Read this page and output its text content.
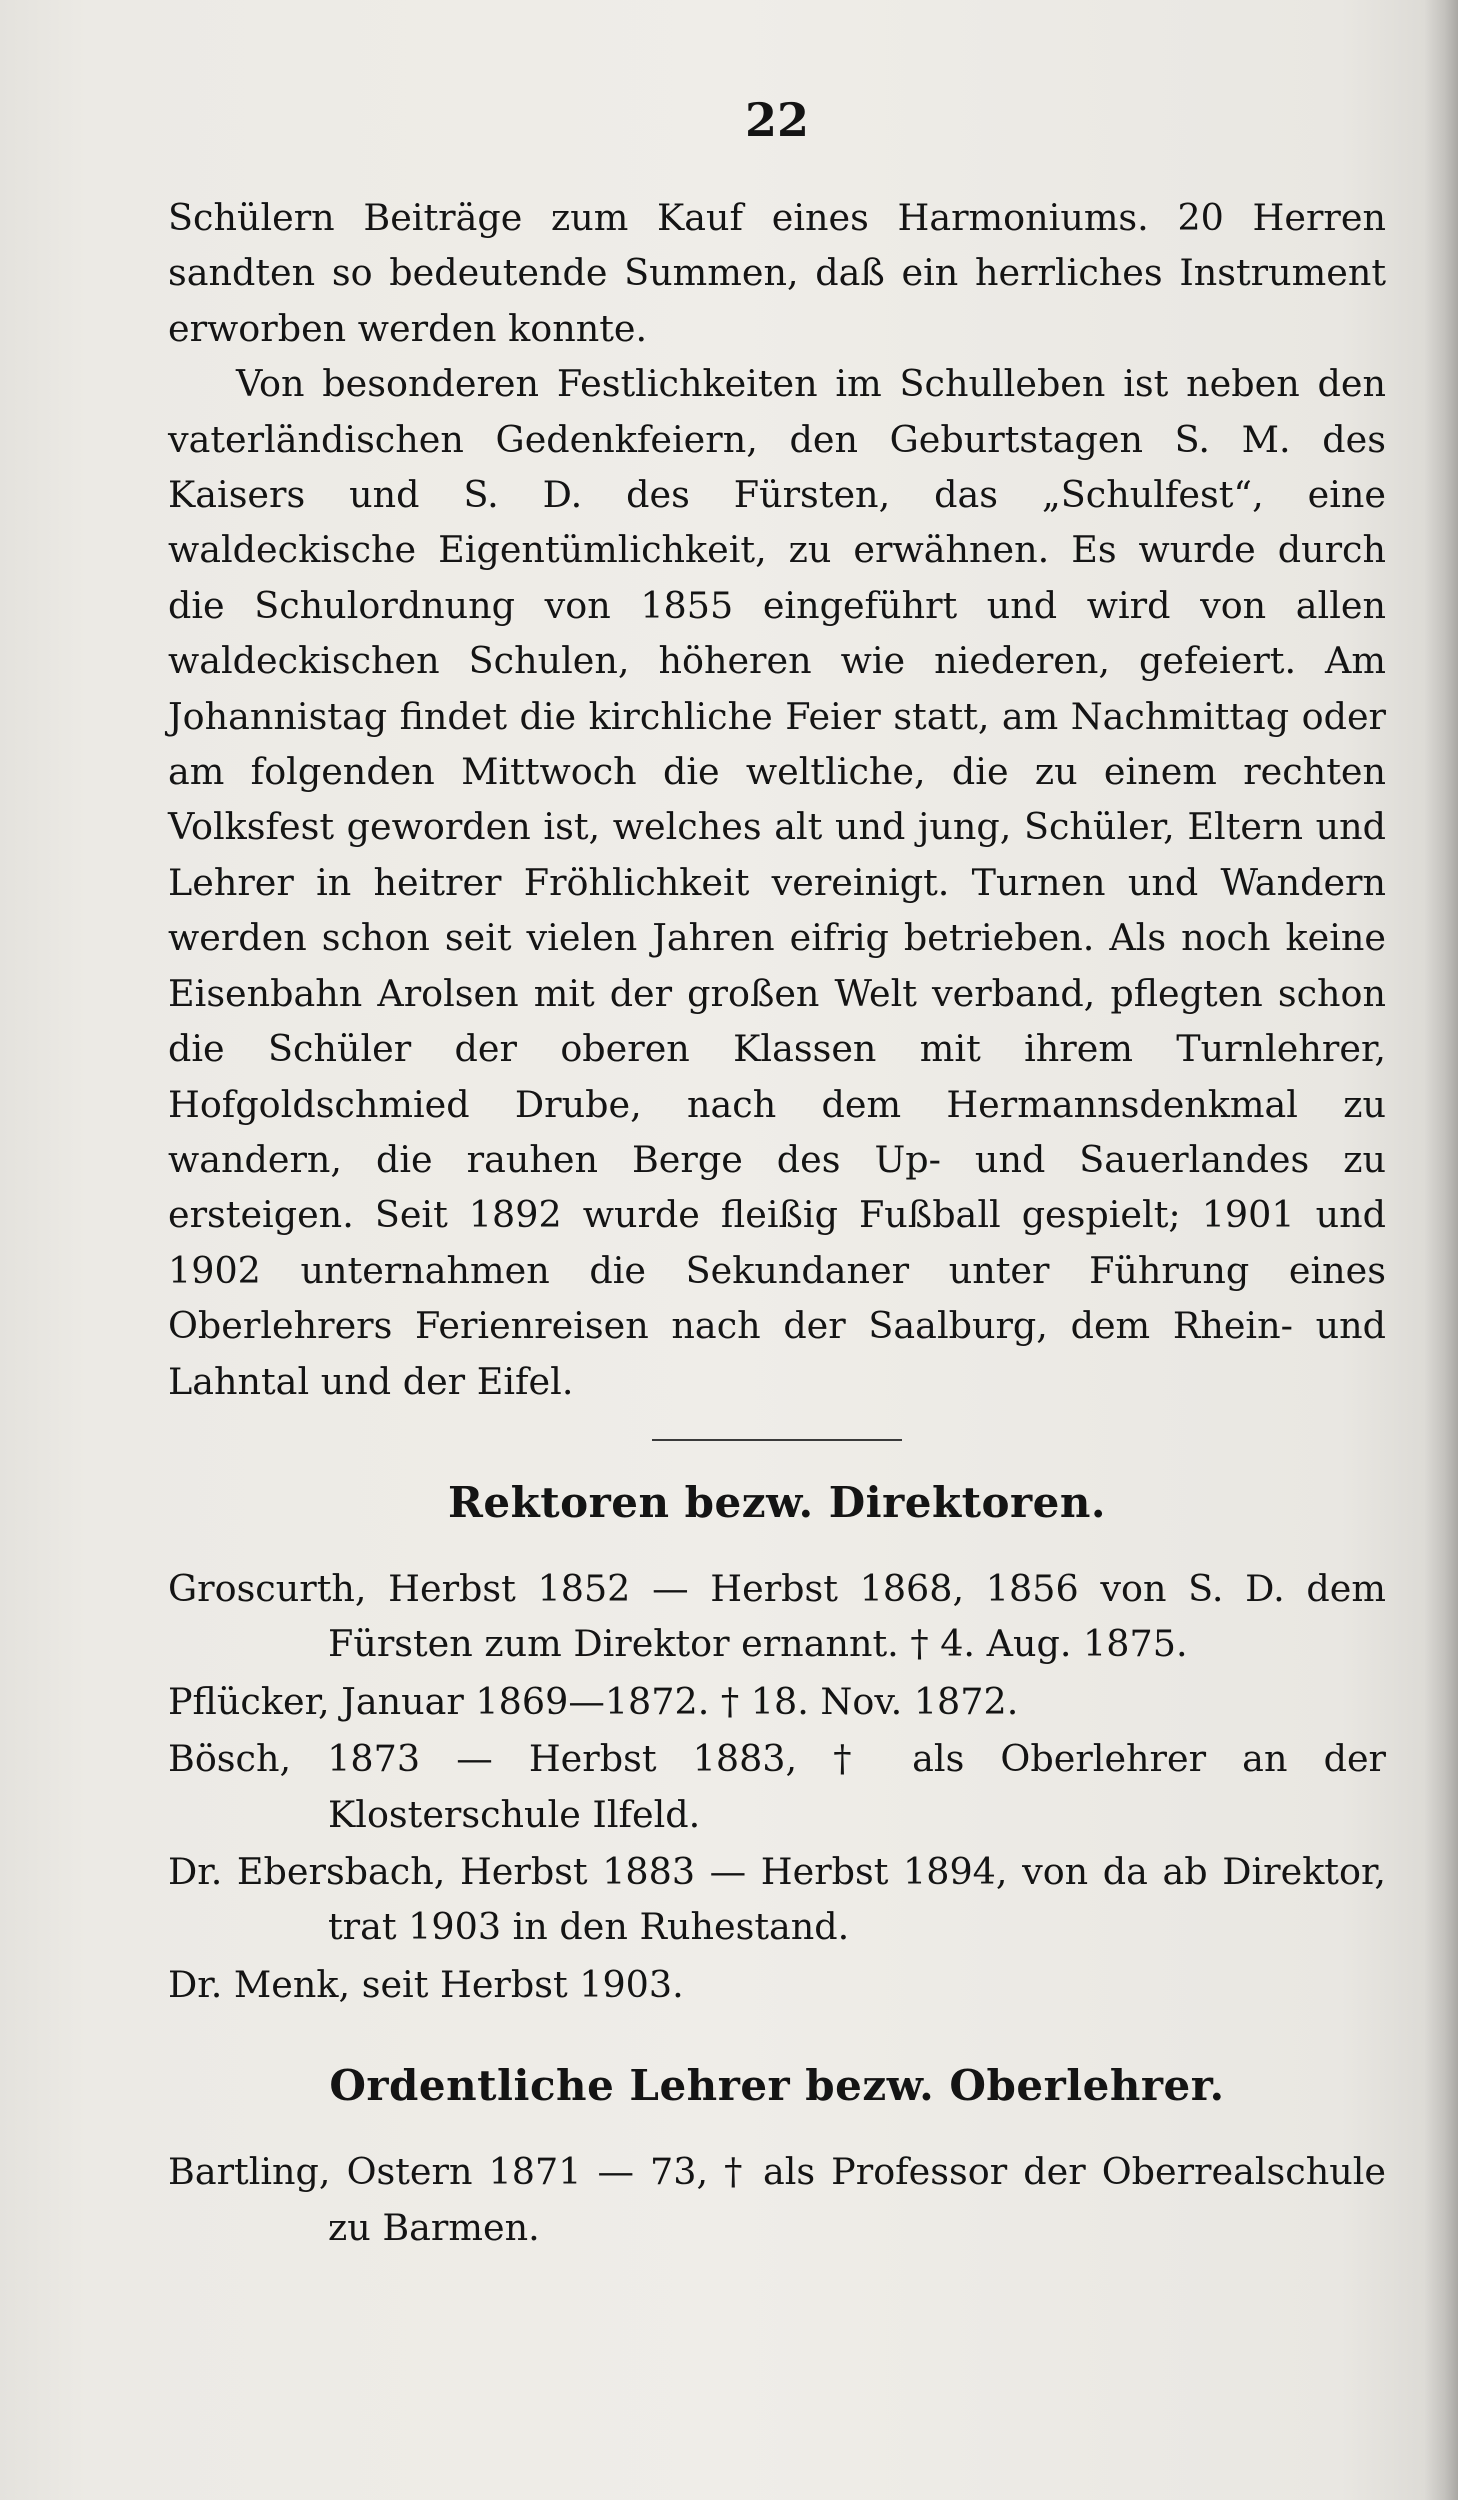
22

Schülern Beiträge zum Kauf eines Harmoniums. 20 Herren sandten so bedeutende Summen, daß ein herrliches Instrument erworben werden konnte.

Von besonderen Festlichkeiten im Schulleben ist neben den vaterländischen Gedenkfeiern, den Geburtstagen S. M. des Kaisers und S. D. des Fürsten, das „Schulfest“, eine waldeckische Eigentümlichkeit, zu erwähnen. Es wurde durch die Schulordnung von 1855 eingeführt und wird von allen waldeckischen Schulen, höheren wie niederen, gefeiert. Am Johannistag findet die kirchliche Feier statt, am Nachmittag oder am folgenden Mittwoch die weltliche, die zu einem rechten Volksfest geworden ist, welches alt und jung, Schüler, Eltern und Lehrer in heitrer Fröhlichkeit vereinigt. Turnen und Wandern werden schon seit vielen Jahren eifrig betrieben. Als noch keine Eisenbahn Arolsen mit der großen Welt verband, pflegten schon die Schüler der oberen Klassen mit ihrem Turnlehrer, Hofgoldschmied Drube, nach dem Hermannsdenkmal zu wandern, die rauhen Berge des Up- und Sauerlandes zu ersteigen. Seit 1892 wurde fleißig Fußball gespielt; 1901 und 1902 unternahmen die Sekundaner unter Führung eines Oberlehrers Ferienreisen nach der Saalburg, dem Rhein- und Lahntal und der Eifel.

Rektoren bezw. Direktoren.
Groscurth, Herbst 1852 — Herbst 1868, 1856 von S. D. dem Fürsten zum Direktor ernannt. † 4. Aug. 1875.
Pflücker, Januar 1869—1872. † 18. Nov. 1872.
Bösch, 1873 — Herbst 1883, † als Oberlehrer an der Klosterschule Ilfeld.
Dr. Ebersbach, Herbst 1883 — Herbst 1894, von da ab Direktor, trat 1903 in den Ruhestand.
Dr. Menk, seit Herbst 1903.
Ordentliche Lehrer bezw. Oberlehrer.
Bartling, Ostern 1871 — 73, † als Professor der Oberrealschule zu Barmen.
